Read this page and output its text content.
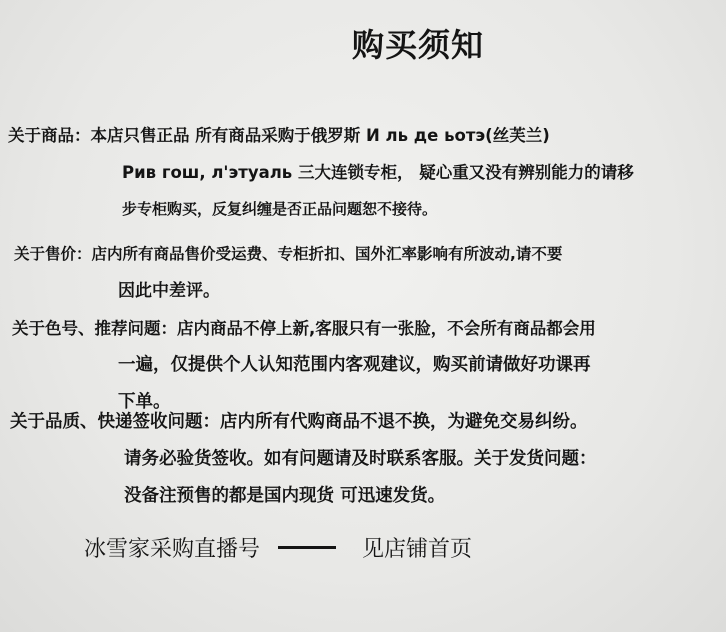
购买须知
关于商品：本店只售正品 所有商品采购于俄罗斯 И ль де ьотэ(丝芙兰)
Рив гош, л'этуаль 三大连锁专柜， 疑心重又没有辨别能力的请移
步专柜购买，反复纠缠是否正品问题恕不接待。
关于售价：店内所有商品售价受运费、专柜折扣、国外汇率影响有所波动,请不要
因此中差评。
关于色号、推荐问题：店内商品不停上新,客服只有一张脸，不会所有商品都会用
一遍，仅提供个人认知范围内客观建议，购买前请做好功课再
下单。
关于品质、快递签收问题：店内所有代购商品不退不换，为避免交易纠纷。
请务必验货签收。如有问题请及时联系客服。关于发货问题：
没备注预售的都是国内现货 可迅速发货。
冰雪家采购直播号	见店铺首页
